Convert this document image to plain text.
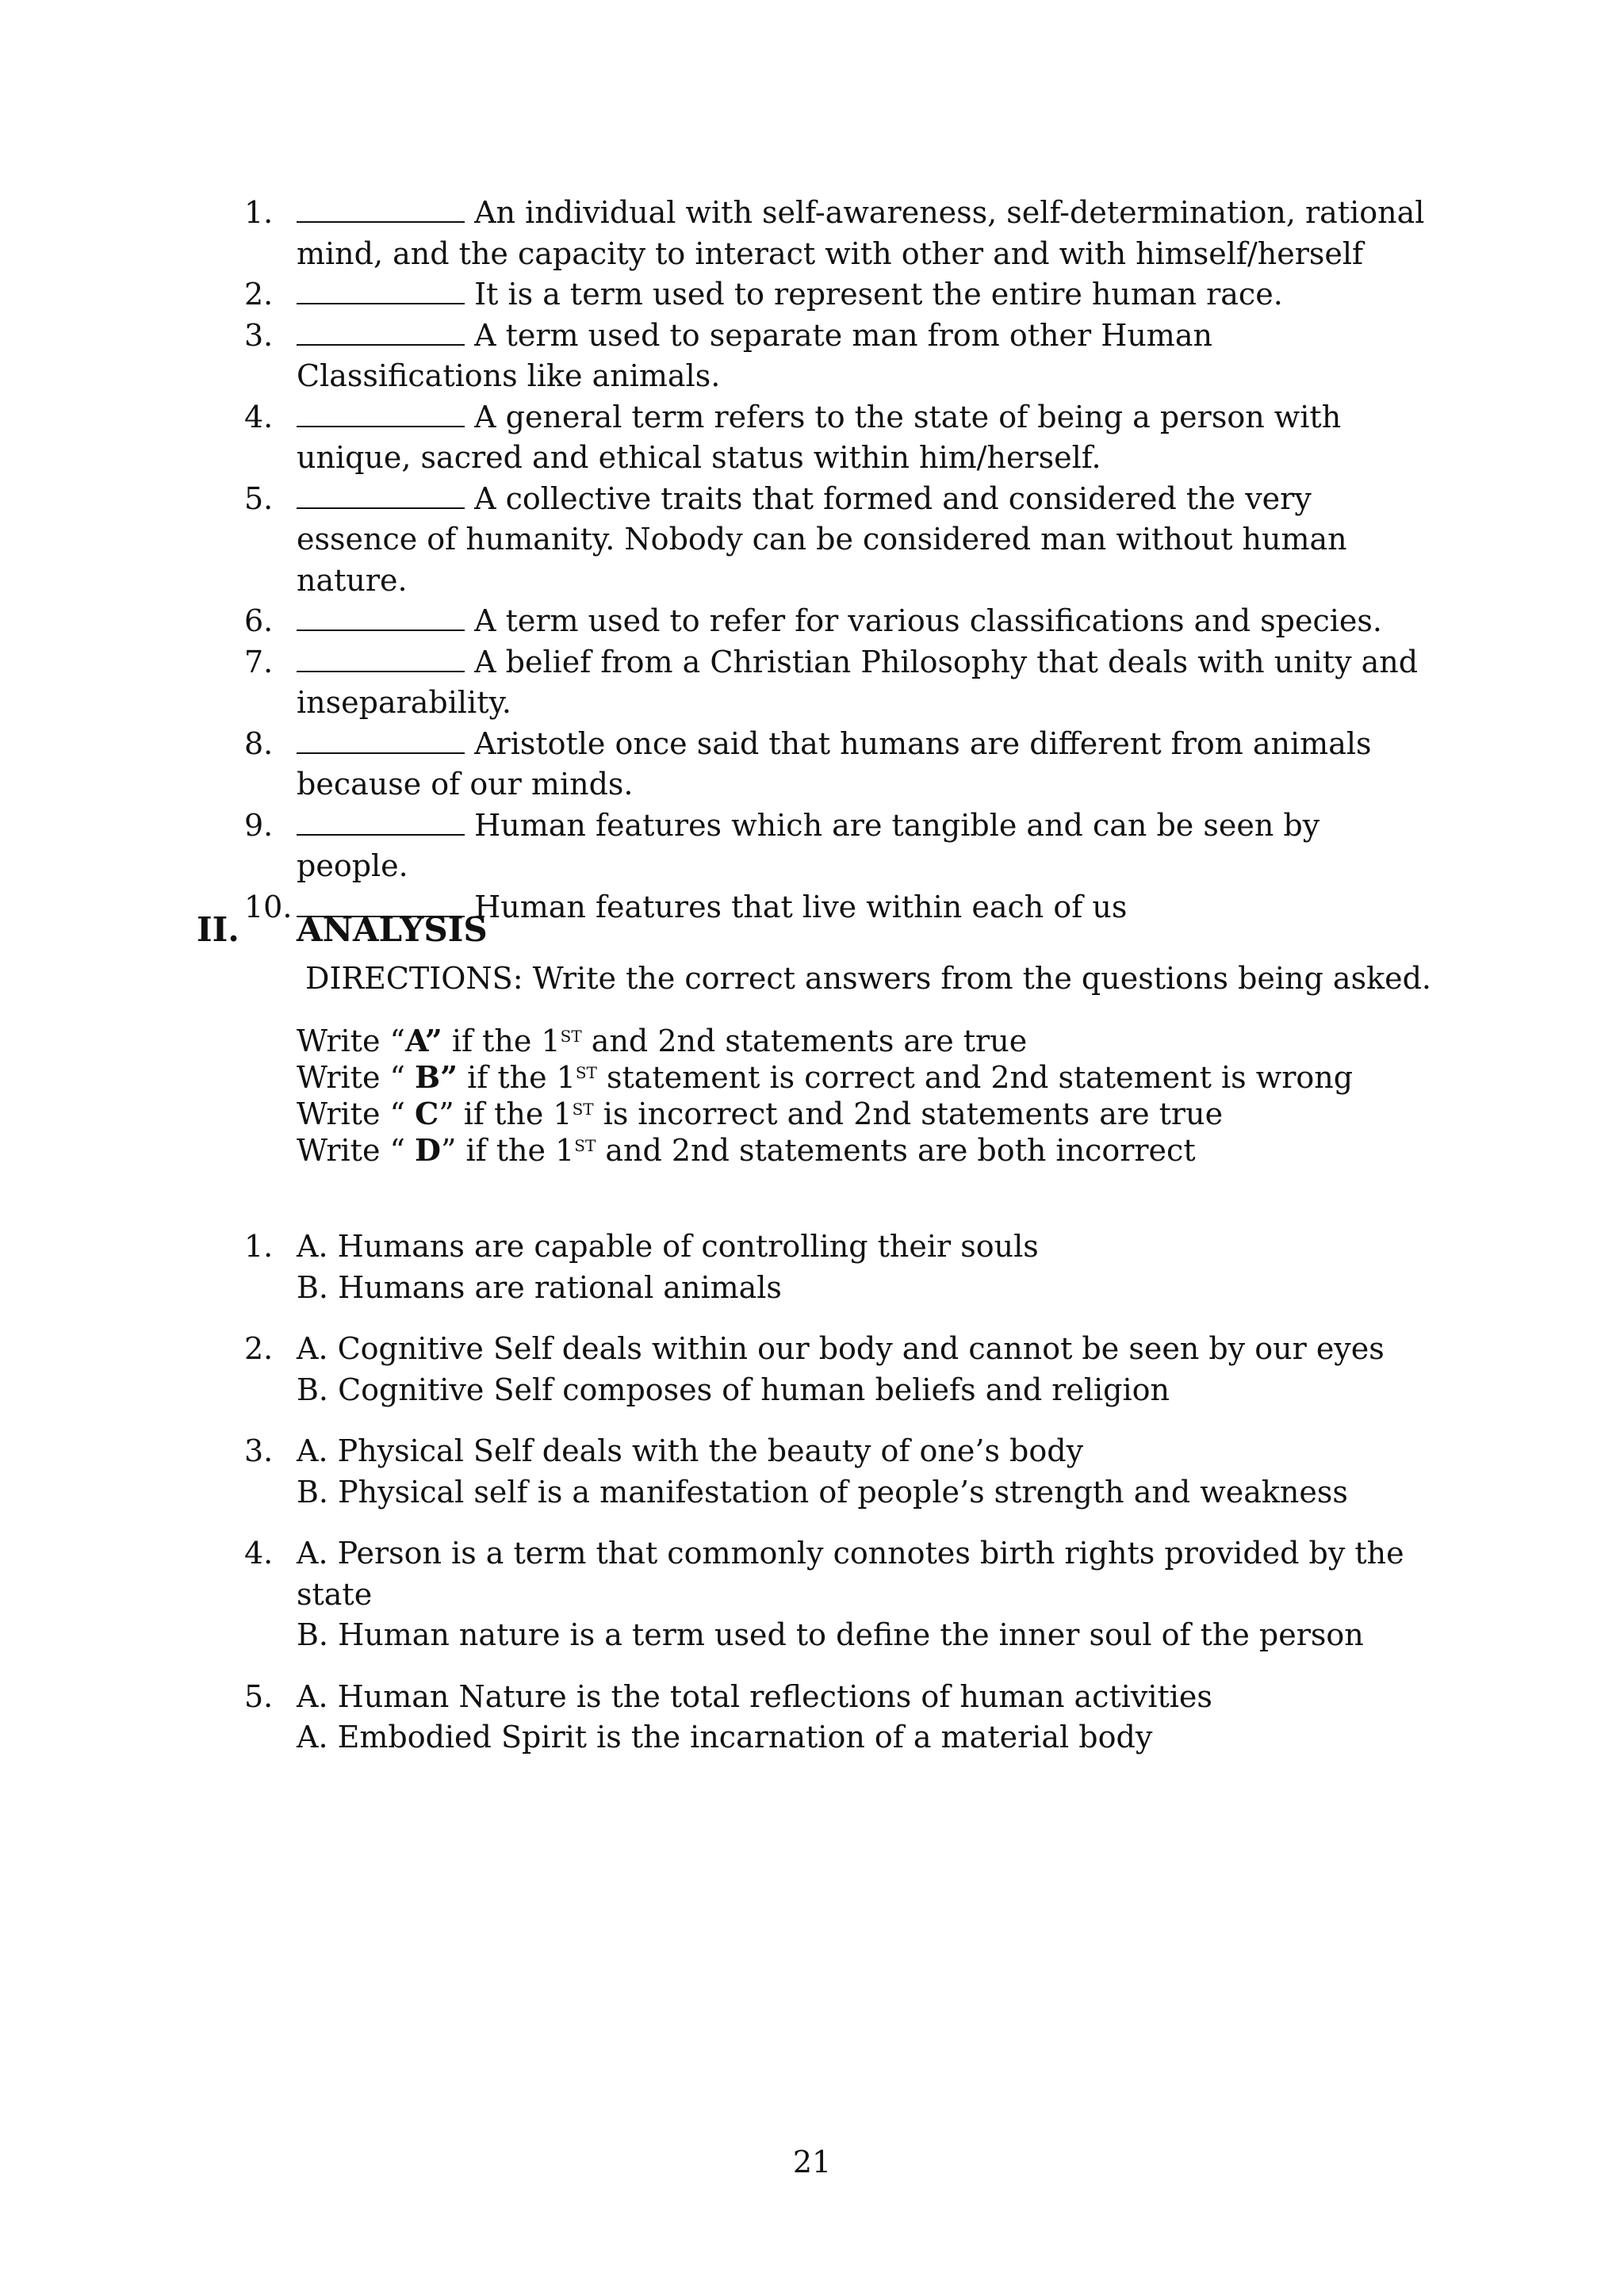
1.	An individual with self-awareness, self-determination, rational mind, and the capacity to interact with other and with himself/herself
2.	It is a term used to represent the entire human race.
3.	A term used to separate man from other Human Classifications like animals.
4.	A general term refers to the state of being a person with unique, sacred and ethical status within him/herself.
5.	A collective traits that formed and considered the very essence of humanity. Nobody can be considered man without human nature.
6.	A term used to refer for various classifications and species.
7.	A belief from a Christian Philosophy that deals with unity and inseparability.
8.	Aristotle once said that humans are different from animals because of our minds.
9.	Human features which are tangible and can be seen by people.
10.	Human features that live within each of us
II. ANALYSIS
DIRECTIONS: Write the correct answers from the questions being asked.
Write “A” if the 1ST and 2nd statements are true
Write “ B” if the 1ST statement is correct and 2nd statement is wrong
Write “ C” if the 1ST is incorrect and 2nd statements are true
Write “ D” if the 1ST and 2nd statements are both incorrect
1. A. Humans are capable of controlling their souls
B. Humans are rational animals
2. A. Cognitive Self deals within our body and cannot be seen by our eyes
B. Cognitive Self composes of human beliefs and religion
3. A. Physical Self deals with the beauty of one’s body
B. Physical self is a manifestation of people’s strength and weakness
4. A. Person is a term that commonly connotes birth rights provided by the state
B. Human nature is a term used to define the inner soul of the person
5. A. Human Nature is the total reflections of human activities
A. Embodied Spirit is the incarnation of a material body
21
